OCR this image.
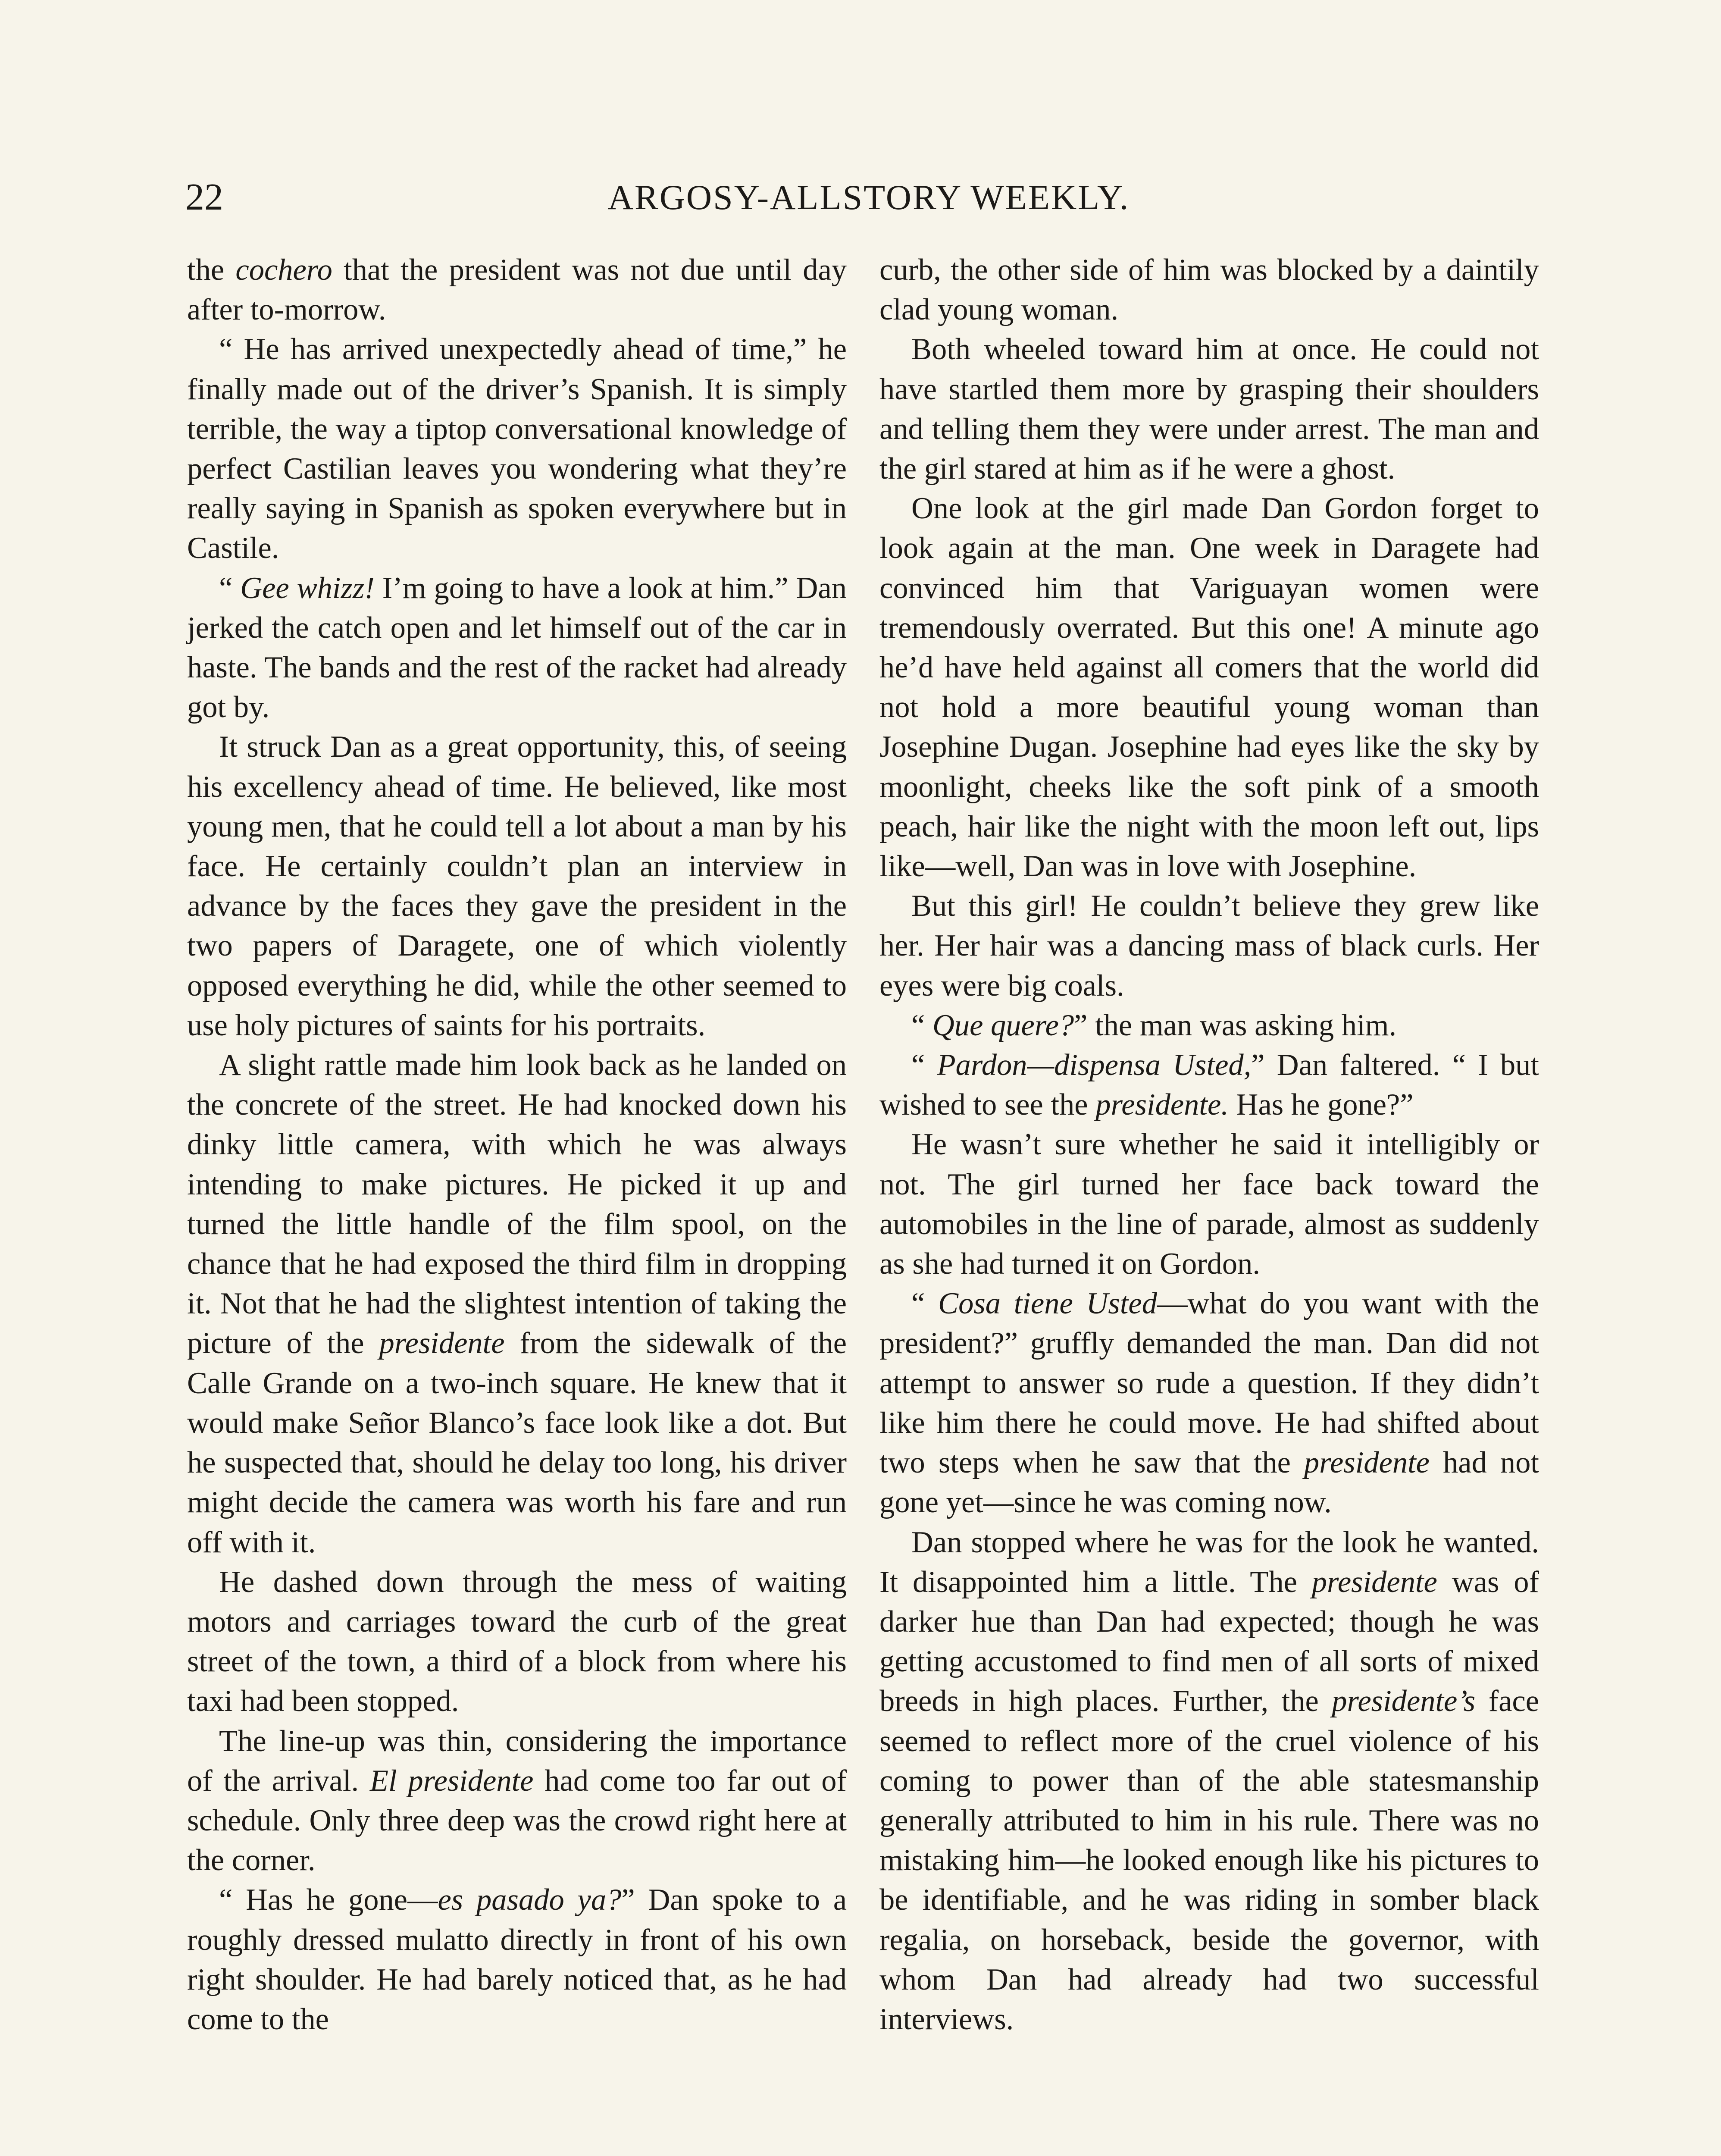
22	ARGOSY-ALLSTORY WEEKLY.

the cochero that the president was not due until day after to-morrow.

“ He has arrived unexpectedly ahead of time,” he finally made out of the driver’s Spanish. It is simply terrible, the way a tiptop conversational knowledge of perfect Castilian leaves you wondering what they’re really saying in Spanish as spoken everywhere but in Castile.

“ Gee whizz! I’m going to have a look at him.” Dan jerked the catch open and let himself out of the car in haste. The bands and the rest of the racket had already got by.

It struck Dan as a great opportunity, this, of seeing his excellency ahead of time. He believed, like most young men, that he could tell a lot about a man by his face. He certainly couldn’t plan an interview in advance by the faces they gave the president in the two papers of Daragete, one of which violently opposed everything he did, while the other seemed to use holy pictures of saints for his portraits.

A slight rattle made him look back as he landed on the concrete of the street. He had knocked down his dinky little camera, with which he was always intending to make pictures. He picked it up and turned the little handle of the film spool, on the chance that he had exposed the third film in dropping it. Not that he had the slightest intention of taking the picture of the presidente from the sidewalk of the Calle Grande on a two-inch square. He knew that it would make Señor Blanco’s face look like a dot. But he suspected that, should he delay too long, his driver might decide the camera was worth his fare and run off with it.

He dashed down through the mess of waiting motors and carriages toward the curb of the great street of the town, a third of a block from where his taxi had been stopped.

The line-up was thin, considering the importance of the arrival. El presidente had come too far out of schedule. Only three deep was the crowd right here at the corner.

“ Has he gone—es pasado ya?” Dan spoke to a roughly dressed mulatto directly in front of his own right shoulder. He had barely noticed that, as he had come to the

curb, the other side of him was blocked by a daintily clad young woman.

Both wheeled toward him at once. He could not have startled them more by grasping their shoulders and telling them they were under arrest. The man and the girl stared at him as if he were a ghost.

One look at the girl made Dan Gordon forget to look again at the man. One week in Daragete had convinced him that Variguayan women were tremendously overrated. But this one! A minute ago he’d have held against all comers that the world did not hold a more beautiful young woman than Josephine Dugan. Josephine had eyes like the sky by moonlight, cheeks like the soft pink of a smooth peach, hair like the night with the moon left out, lips like—well, Dan was in love with Josephine.

But this girl! He couldn’t believe they grew like her. Her hair was a dancing mass of black curls. Her eyes were big coals.

“ Que quere?” the man was asking him.

“ Pardon—dispensa Usted,” Dan faltered. “ I but wished to see the presidente. Has he gone?”

He wasn’t sure whether he said it intelligibly or not. The girl turned her face back toward the automobiles in the line of parade, almost as suddenly as she had turned it on Gordon.

“ Cosa tiene Usted—what do you want with the president?” gruffly demanded the man. Dan did not attempt to answer so rude a question. If they didn’t like him there he could move. He had shifted about two steps when he saw that the presidente had not gone yet—since he was coming now.

Dan stopped where he was for the look he wanted. It disappointed him a little. The presidente was of darker hue than Dan had expected; though he was getting accustomed to find men of all sorts of mixed breeds in high places. Further, the presidente’s face seemed to reflect more of the cruel violence of his coming to power than of the able statesmanship generally attributed to him in his rule. There was no mistaking him—he looked enough like his pictures to be identifiable, and he was riding in somber black regalia, on horseback, beside the governor, with whom Dan had already had two successful interviews.
